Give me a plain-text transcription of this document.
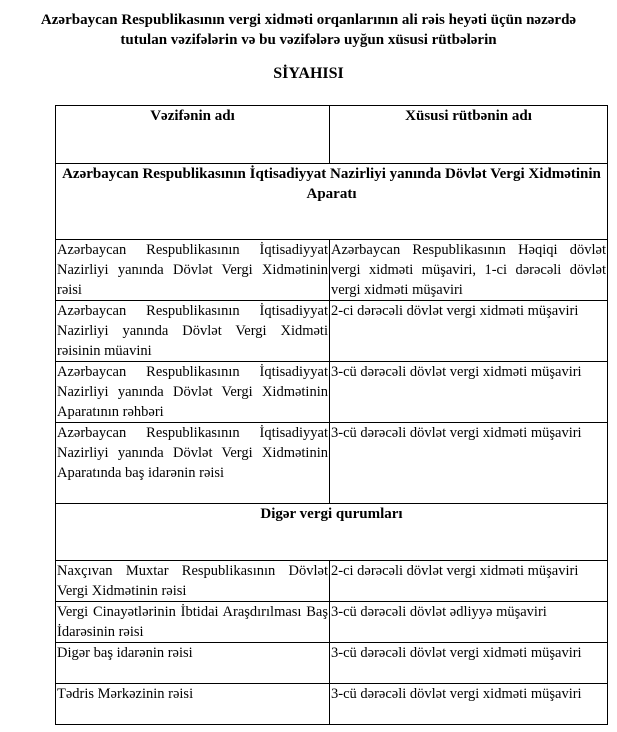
Azərbaycan Respublikasının vergi xidməti orqanlarının ali rəis heyəti üçün nəzərdə tutulan vəzifələrin və bu vəzifələrə uyğun xüsusi rütbələrin
SİYAHISI
Vəzifənin adı	Xüsusi rütbənin adı
Azərbaycan Respublikasının İqtisadiyyat Nazirliyi yanında Dövlət Vergi Xidmətinin Aparatı	
Azərbaycan Respublikasının İqtisadiyyat Nazirliyi yanında Dövlət Vergi Xidmətinin rəisi	Azərbaycan Respublikasının Həqiqi dövlət vergi xidməti müşaviri, 1-ci dərəcəli dövlət vergi xidməti müşaviri
Azərbaycan Respublikasının İqtisadiyyat Nazirliyi yanında Dövlət Vergi Xidməti rəisinin müavini	2-ci dərəcəli dövlət vergi xidməti müşaviri
Azərbaycan Respublikasının İqtisadiyyat Nazirliyi yanında Dövlət Vergi Xidmətinin Aparatının rəhbəri	3-cü dərəcəli dövlət vergi xidməti müşaviri
Azərbaycan Respublikasının İqtisadiyyat Nazirliyi yanında Dövlət Vergi Xidmətinin Aparatında baş idarənin rəisi	3-cü dərəcəli dövlət vergi xidməti müşaviri
Digər vergi qurumları	
Naxçıvan Muxtar Respublikasının Dövlət Vergi Xidmətinin rəisi	2-ci dərəcəli dövlət vergi xidməti müşaviri
Vergi Cinayətlərinin İbtidai Araşdırılması Baş İdarəsinin rəisi	3-cü dərəcəli dövlət ədliyyə müşaviri
Digər baş idarənin rəisi	3-cü dərəcəli dövlət vergi xidməti müşaviri
Tədris Mərkəzinin rəisi	3-cü dərəcəli dövlət vergi xidməti müşaviri
